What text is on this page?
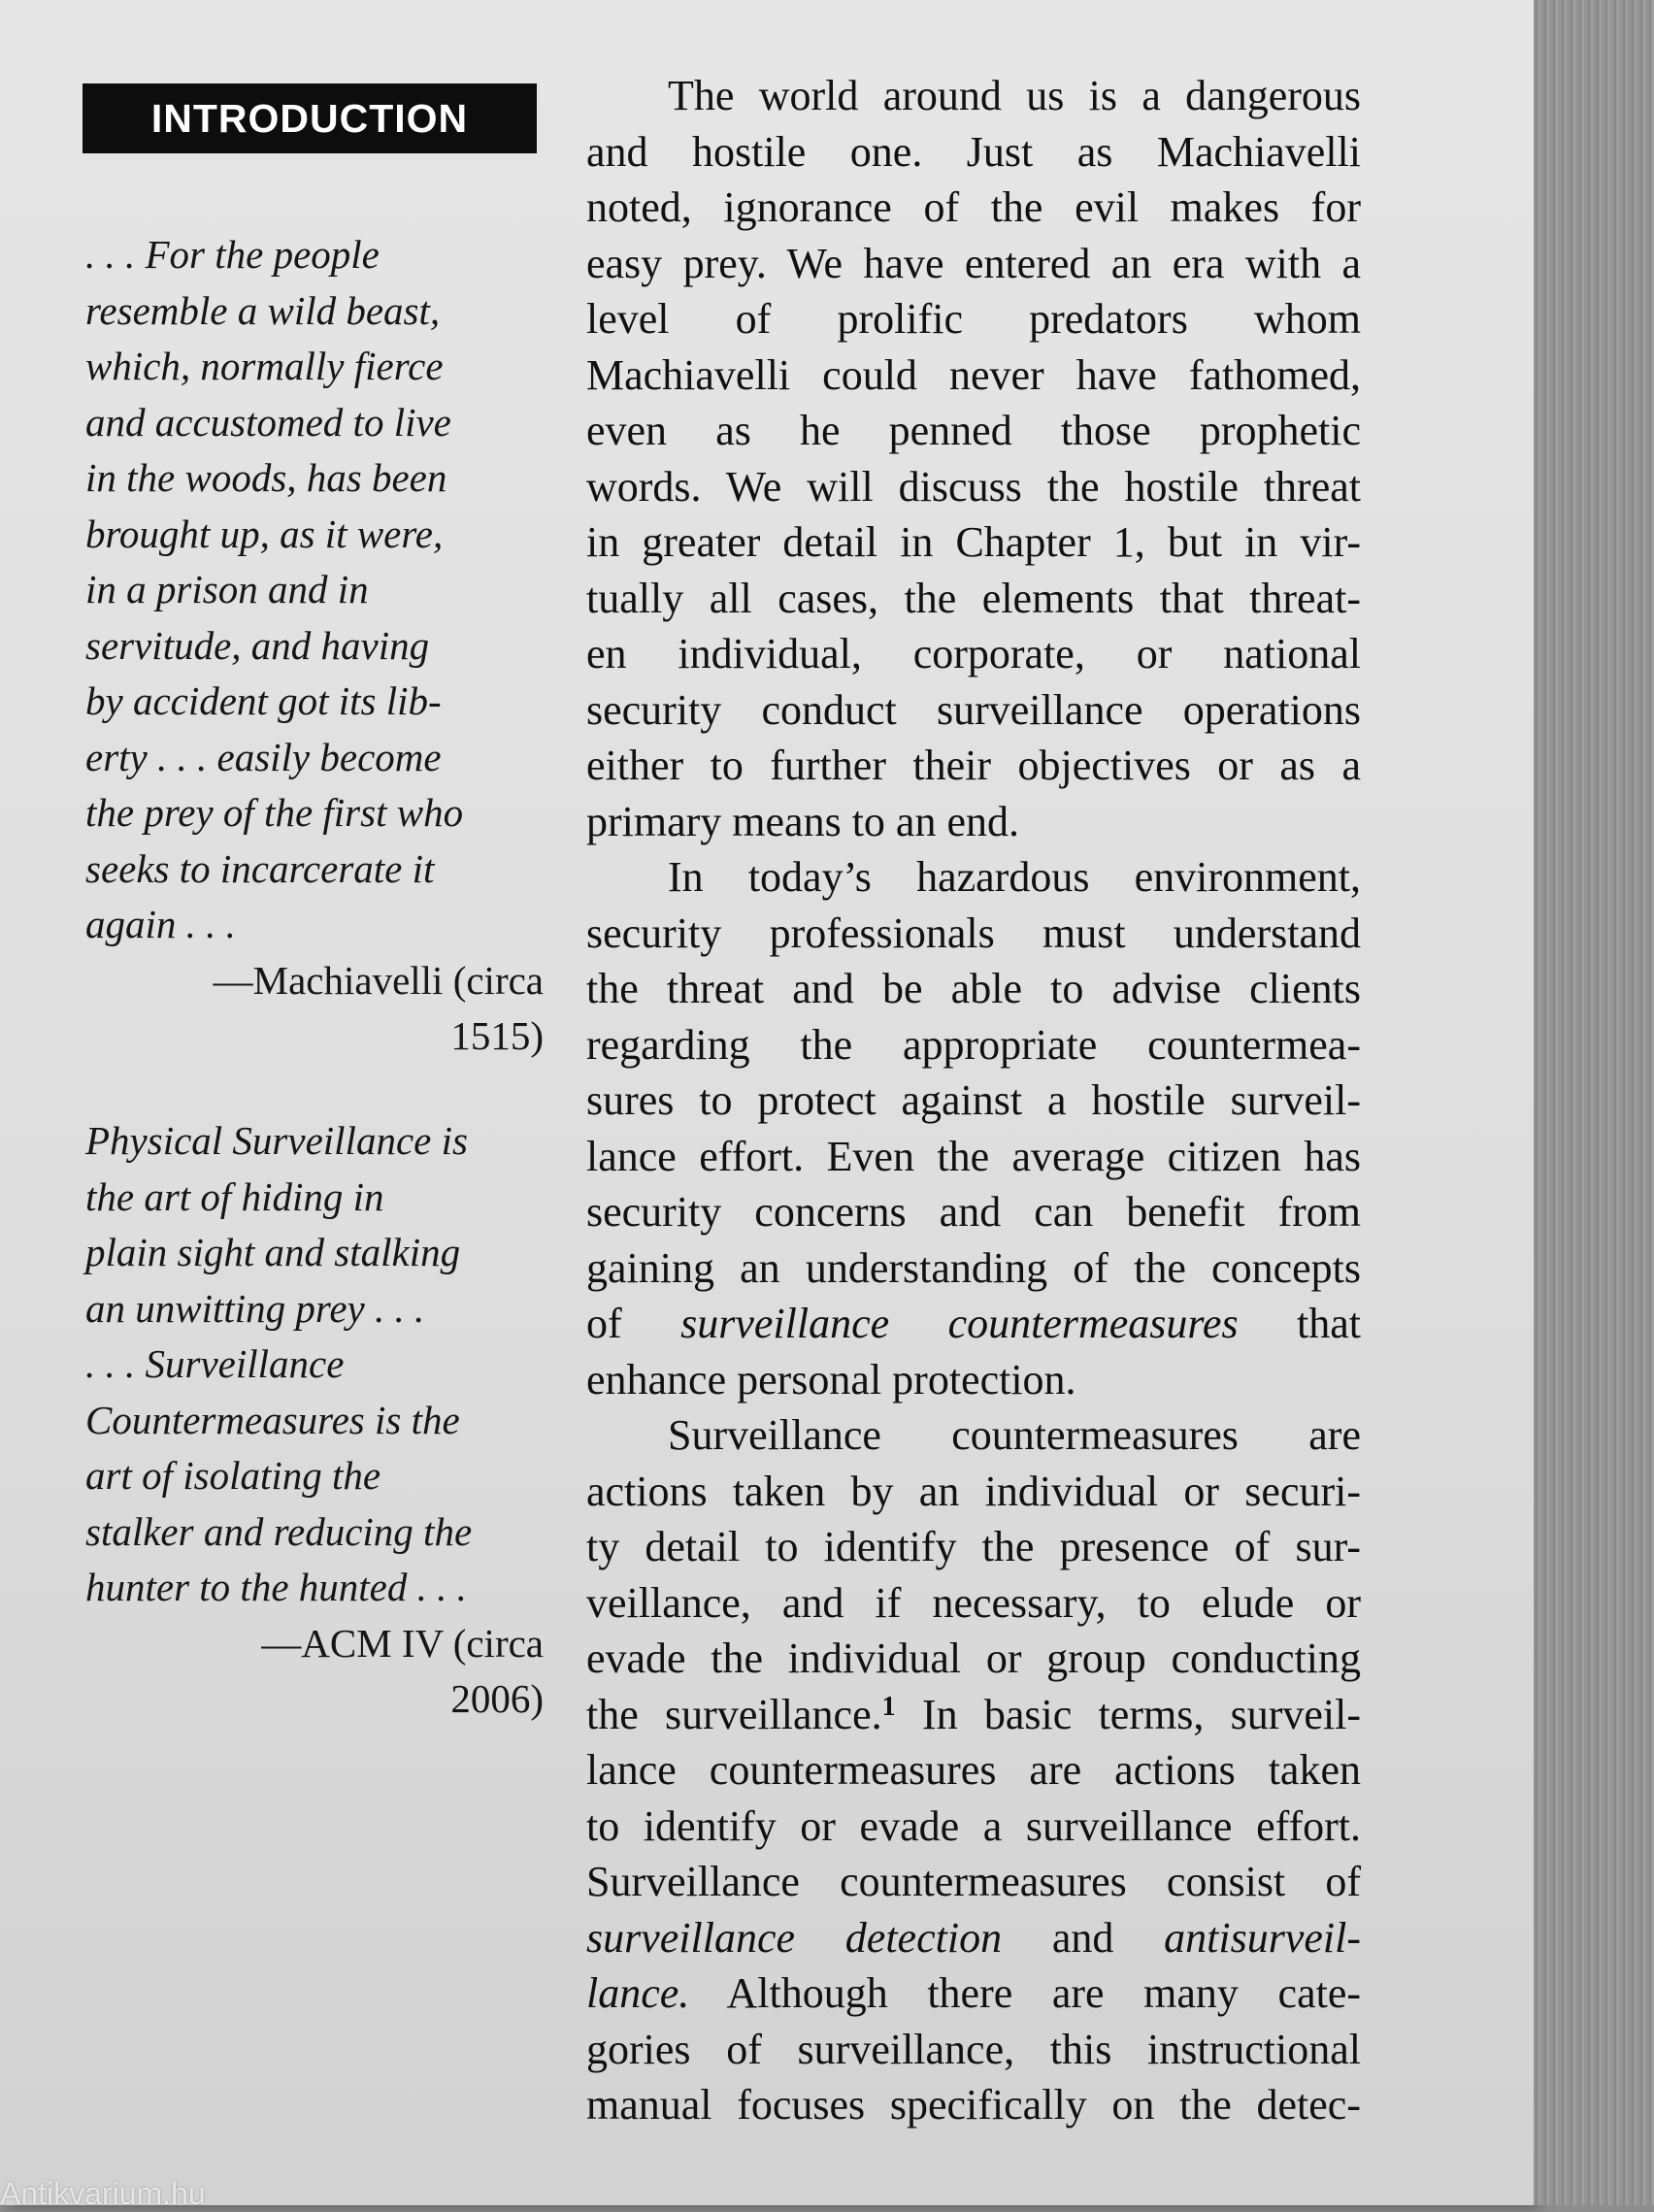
INTRODUCTION
. . . For the people
resemble a wild beast,
which, normally fierce
and accustomed to live
in the woods, has been
brought up, as it were,
in a prison and in
servitude, and having
by accident got its lib-
erty . . . easily become
the prey of the first who
seeks to incarcerate it
again . . .
—Machiavelli (circa
1515)
Physical Surveillance is
the art of hiding in
plain sight and stalking
an unwitting prey . . .
. . . Surveillance
Countermeasures is the
art of isolating the
stalker and reducing the
hunter to the hunted . . .
—ACM IV (circa
2006)
The world around us is a dangerous
and hostile one. Just as Machiavelli
noted, ignorance of the evil makes for
easy prey. We have entered an era with a
level of prolific predators whom
Machiavelli could never have fathomed,
even as he penned those prophetic
words. We will discuss the hostile threat
in greater detail in Chapter 1, but in vir-
tually all cases, the elements that threat-
en individual, corporate, or national
security conduct surveillance operations
either to further their objectives or as a
primary means to an end.
In today’s hazardous environment,
security professionals must understand
the threat and be able to advise clients
regarding the appropriate countermea-
sures to protect against a hostile surveil-
lance effort. Even the average citizen has
security concerns and can benefit from
gaining an understanding of the concepts
of surveillance countermeasures that
enhance personal protection.
Surveillance countermeasures are
actions taken by an individual or securi-
ty detail to identify the presence of sur-
veillance, and if necessary, to elude or
evade the individual or group conducting
the surveillance.$^1$ In basic terms, surveil-
lance countermeasures are actions taken
to identify or evade a surveillance effort.
Surveillance countermeasures consist of
surveillance detection and antisurveil-
lance. Although there are many cate-
gories of surveillance, this instructional
manual focuses specifically on the detec-
Antikvarium.hu
